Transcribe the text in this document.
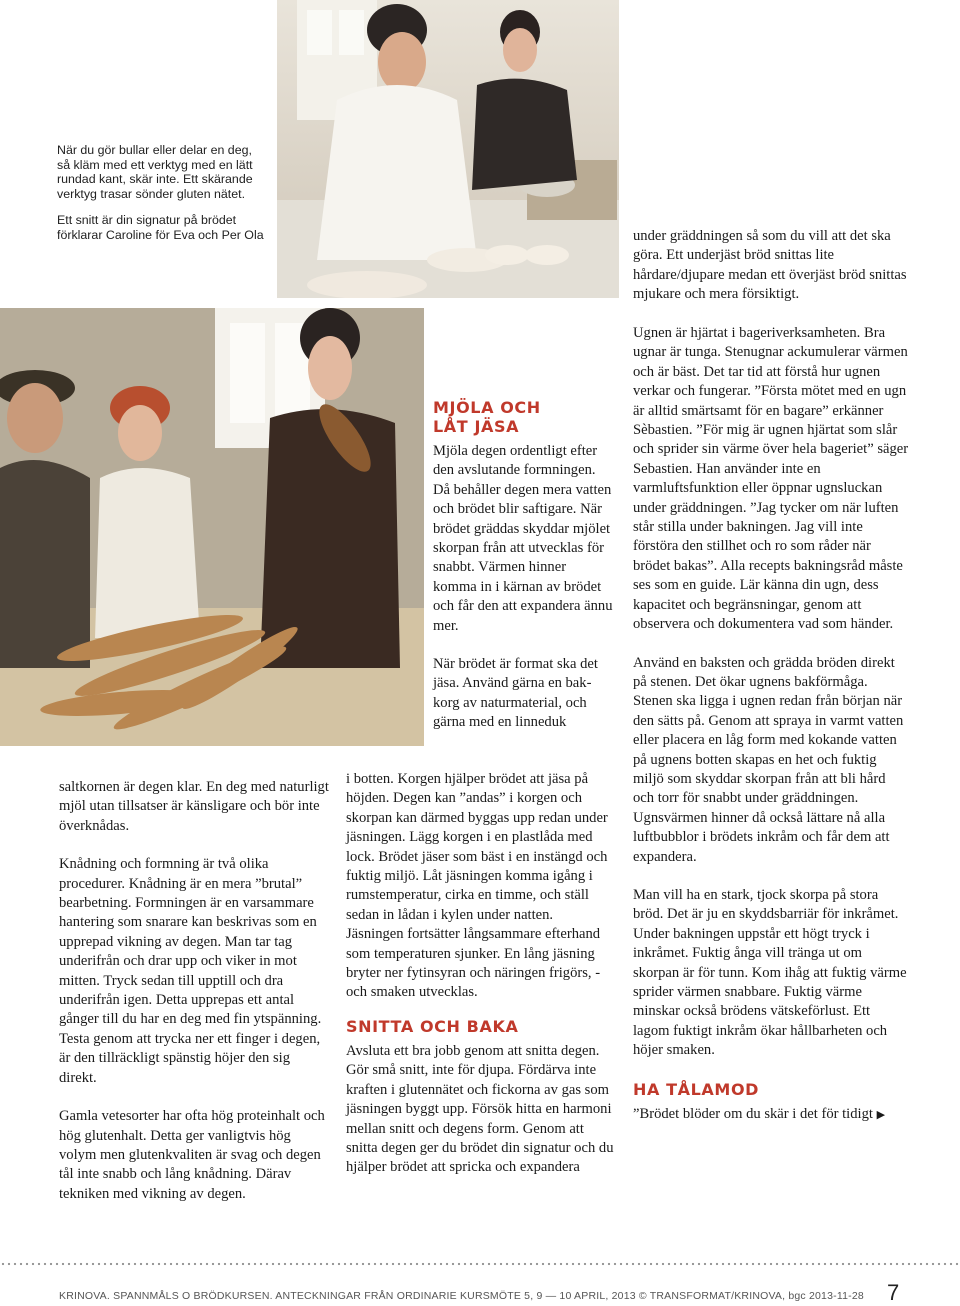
När du gör bullar eller delar en deg, så kläm med ett verktyg med en lätt rundad kant, skär inte. Ett skärande verktyg trasar sönder gluten nätet.

Ett snitt är din signatur på brödet förklarar Caroline för Eva och Per Ola	under gräddningen så som du vill att det ska göra. Ett underjäst bröd snittas lite hårdare/djupare medan ett överjäst bröd snittas mjukare och mera försiktigt.

MJÖLA OCH LÅT JÄSA

Mjöla degen ordentligt efter den avslutande formningen. Då behåller degen mera vatten och brödet blir saftigare. När brödet gräddas skyddar mjölet skorpan från att utvecklas för snabbt. Värmen hinner komma in i kärnan av brödet och får den att expandera ännu mer.

När brödet är format ska det jäsa. Använd gärna en bak-korg av naturmaterial, och gärna med en linneduk

i botten. Korgen hjälper brödet att jäsa på höjden. Degen kan ”andas” i korgen och skorpan kan därmed byggas upp redan under jäsningen. Lägg korgen i en plastlåda med lock. Brödet jäser som bäst i en instängd och fuktig miljö. Låt jäsningen komma igång i rumstemperatur, cirka en timme, och ställ sedan in lådan i kylen under natten. Jäsningen fortsätter långsammare efterhand som temperaturen sjunker. En lång jäsning bryter ner fytinsyran och näringen frigörs, - och smaken utvecklas.

SNITTA OCH BAKA

Avsluta ett bra jobb genom att snitta degen. Gör små snitt, inte för djupa. Fördärva inte kraften i glutennätet och fickorna av gas som jäsningen byggt upp. Försök hitta en harmoni mellan snitt och degens form. Genom att snitta degen ger du brödet din signatur och du hjälper brödet att spricka och expandera

saltkornen är degen klar. En deg med naturligt mjöl utan tillsatser är känsligare och bör inte överknådas.

Knådning och formning är två olika procedurer. Knådning är en mera ”brutal” bearbetning. Formningen är en varsammare hantering som snarare kan beskrivas som en upprepad vikning av degen. Man tar tag underifrån och drar upp och viker in mot mitten. Tryck sedan till upptill och dra underifrån igen. Detta upprepas ett antal gånger till du har en deg med fin ytspänning. Testa genom att trycka ner ett finger i degen, är den tillräckligt spänstig höjer den sig direkt.

Gamla vetesorter har ofta hög proteinhalt och hög glutenhalt. Detta ger vanligtvis hög volym men glutenkvaliten är svag och degen tål inte snabb och lång knådning. Därav tekniken med vikning av degen.

Ugnen är hjärtat i bageriverksamheten. Bra ugnar är tunga. Stenugnar ackumulerar värmen och är bäst. Det tar tid att förstå hur ugnen verkar och fungerar. ”Första mötet med en ugn är alltid smärtsamt för en bagare” erkänner Sèbastien. ”För mig är ugnen hjärtat som slår och sprider sin värme över hela bageriet” säger Sebastien. Han använder inte en varmluftsfunktion eller öppnar ugnsluckan under gräddningen. ”Jag tycker om när luften står stilla under bakningen. Jag vill inte förstöra den stillhet och ro som råder när brödet bakas”. Alla recepts bakningsråd måste ses som en guide. Lär känna din ugn, dess kapacitet och begränsningar, genom att observera och dokumentera vad som händer.

Använd en baksten och grädda bröden direkt på stenen. Det ökar ugnens bakförmåga. Stenen ska ligga i ugnen redan från början när den sätts på. Genom att spraya in varmt vatten eller placera en låg form med kokande vatten på ugnens botten skapas en het och fuktig miljö som skyddar skorpan från att bli hård och torr för snabbt under gräddningen. Ugnsvärmen hinner då också lättare nå alla luftbubblor i brödets inkråm och får dem att expandera.

Man vill ha en stark, tjock skorpa på stora bröd. Det är ju en skyddsbarriär för inkråmet. Under bakningen uppstår ett högt tryck i inkråmet. Fuktig ånga vill tränga ut om skorpan är för tunn. Kom ihåg att fuktig värme sprider värmen snabbare. Fuktig värme minskar också brödens vätskeförlust. Ett lagom fuktigt inkråm ökar hållbarheten och höjer smaken.

HA TÅLAMOD

”Brödet blöder om du skär i det för tidigt ▶

KRINOVA. SPANNMÅLS O BRÖDKURSEN. ANTECKNINGAR FRÅN ORDINARIE KURSMÖTE 5, 9 — 10 APRIL, 2013 © TRANSFORMAT/KRINOVA, bgc 2013-11-28 7
